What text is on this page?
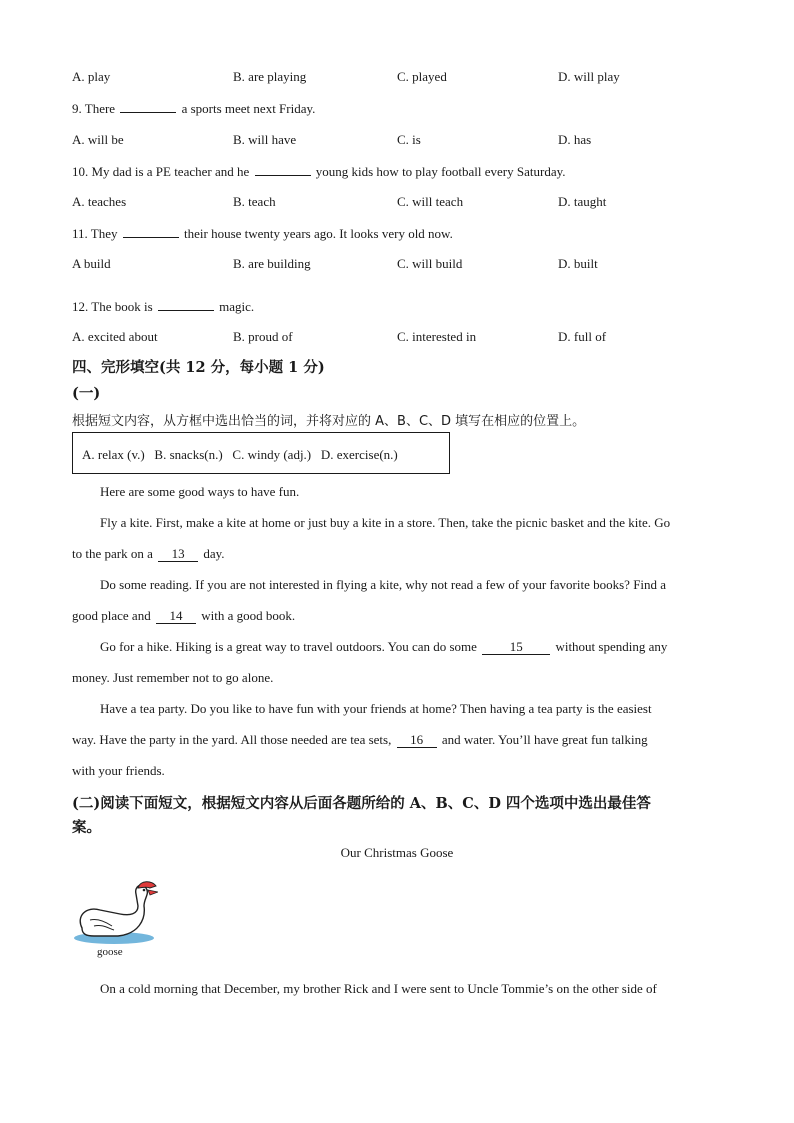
A. play	B. are playing	C. played	D. will play
9. There	a sports meet next Friday.
A. will be	B. will have	C. is	D. has
10. My dad is a PE teacher and he	young kids how to play football every Saturday.
A. teaches	B. teach	C. will teach	D. taught
11. They	their house twenty years ago. It looks very old now.
A build	B. are building	C. will build	D. built
12. The book is	magic.
A. excited about	B. proud of	C. interested in	D. full of
四、完形填空(共 12 分，每小题 1 分)
(一)
根据短文内容，从方框中选出恰当的词，并将对应的 A、B、C、D 填写在相应的位置上。
A. relax (v.)   B. snacks(n.)   C. windy (adj.)   D. exercise(n.)
Here are some good ways to have fun.
Fly a kite. First, make a kite at home or just buy a kite in a store. Then, take the picnic basket and the kite. Go
to the park on a 13 day.
Do some reading. If you are not interested in flying a kite, why not read a few of your favorite books? Find a
good place and 14 with a good book.
Go for a hike. Hiking is a great way to travel outdoors. You can do some	15	without spending any
money. Just remember not to go alone.
Have a tea party. Do you like to have fun with your friends at home? Then having a tea party is the easiest
way. Have the party in the yard. All those needed are tea sets, 16 and water. You’ll have great fun talking
with your friends.
(二)阅读下面短文，根据短文内容从后面各题所给的 A、B、C、D 四个选项中选出最佳答
案。
Our Christmas Goose
goose
On a cold morning that December, my brother Rick and I were sent to Uncle Tommie’s on the other side of
